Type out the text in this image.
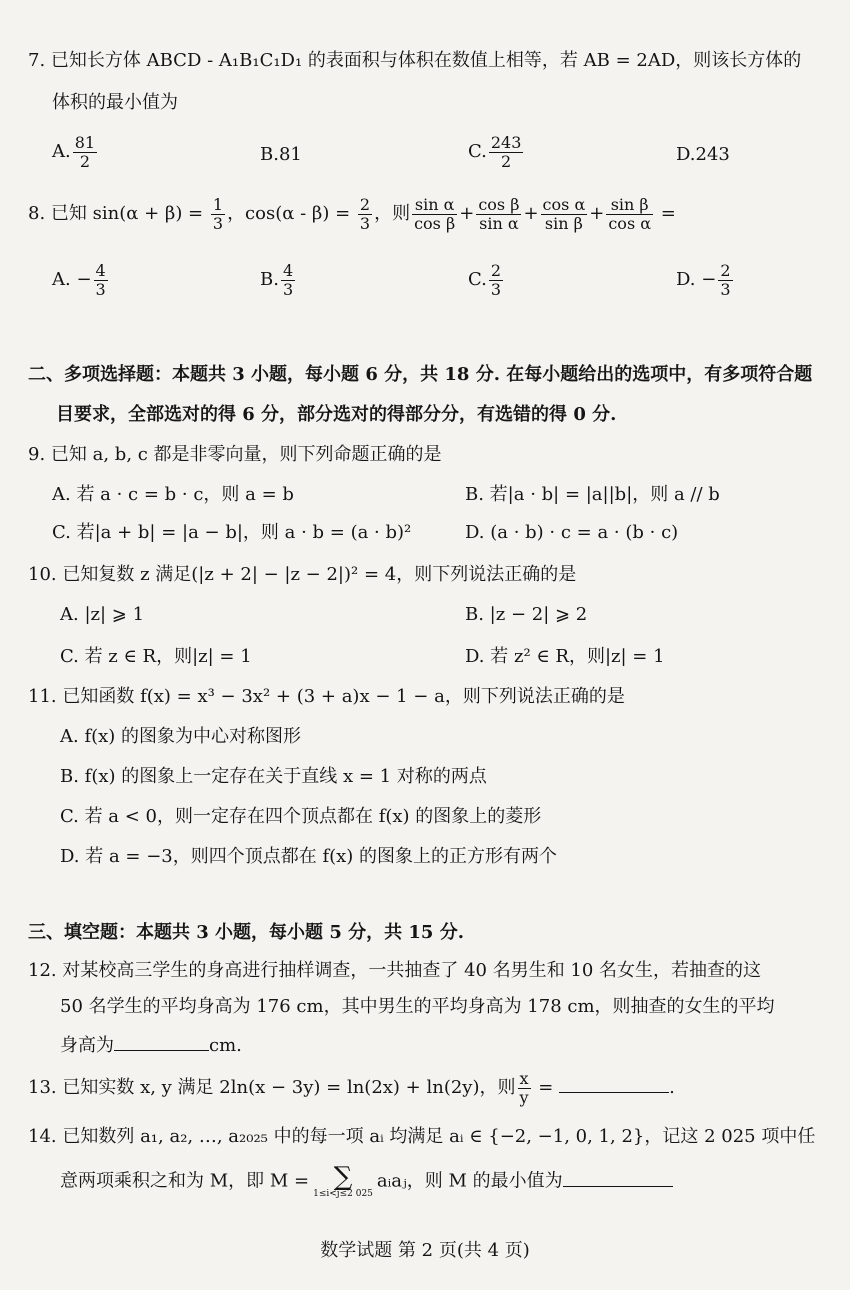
7. 已知长方体 ABCD - A₁B₁C₁D₁ 的表面积与体积在数值上相等，若 AB = 2AD，则该长方体的
体积的最小值为
A. $\frac{81}{2}$	B.81	C. $\frac{243}{2}$	D.243
8. 已知 $\sin(\alpha + \beta) = \frac{1}{3}$ ，$\cos(\alpha - \beta) = \frac{2}{3}$ ，则 $\frac{\text{sin α}}{\text{cos β}} + \frac{\text{cos β}}{\text{sin α}} + \frac{\text{cos α}}{\text{sin β}} + \frac{\text{sin β}}{\text{cos α}}$ =
A. − $\frac{4}{3}$	B. $\frac{4}{3}$	C. $\frac{2}{3}$	D. − $\frac{2}{3}$
二、多项选择题：本题共 3 小题，每小题 6 分，共 18 分. 在每小题给出的选项中，有多项符合题
目要求，全部选对的得 6 分，部分选对的得部分分，有选错的得 0 分.
9. 已知 a, b, c 都是非零向量，则下列命题正确的是
A. 若 a · c = b · c，则 a = b	B. 若|a · b| = |a||b|，则 a // b
C. 若|a + b| = |a − b|，则 a · b = (a · b)²	D. (a · b) · c = a · (b · c)
10. 已知复数 z 满足(|z + 2| − |z − 2|)² = 4，则下列说法正确的是
A. |z| ⩾ 1	B. |z − 2| ⩾ 2
C. 若 z ∈ R，则|z| = 1	D. 若 z² ∈ R，则|z| = 1
11. 已知函数 f(x) = x³ − 3x² + (3 + a)x − 1 − a，则下列说法正确的是
A. f(x) 的图象为中心对称图形
B. f(x) 的图象上一定存在关于直线 x = 1 对称的两点
C. 若 a < 0，则一定存在四个顶点都在 f(x) 的图象上的菱形
D. 若 a = −3，则四个顶点都在 f(x) 的图象上的正方形有两个
三、填空题：本题共 3 小题，每小题 5 分，共 15 分.
12. 对某校高三学生的身高进行抽样调查，一共抽查了 40 名男生和 10 名女生，若抽查的这
50 名学生的平均身高为 176 cm，其中男生的平均身高为 178 cm，则抽查的女生的平均
身高为	cm.
13. 已知实数 x, y 满足 2ln(x − 3y) = ln(2x) + ln(2y)，则 $\frac{x}{y}$ =	.
14. 已知数列 a₁, a₂, …, a₂₀₂₅ 中的每一项 aᵢ 均满足 aᵢ ∈ {−2, −1, 0, 1, 2}，记这 2 025 项中任
意两项乘积之和为 M，即 M = ∑
1≤i<j≤2 025
aᵢaⱼ，则 M 的最小值为
数学试题 第 2 页(共 4 页)
